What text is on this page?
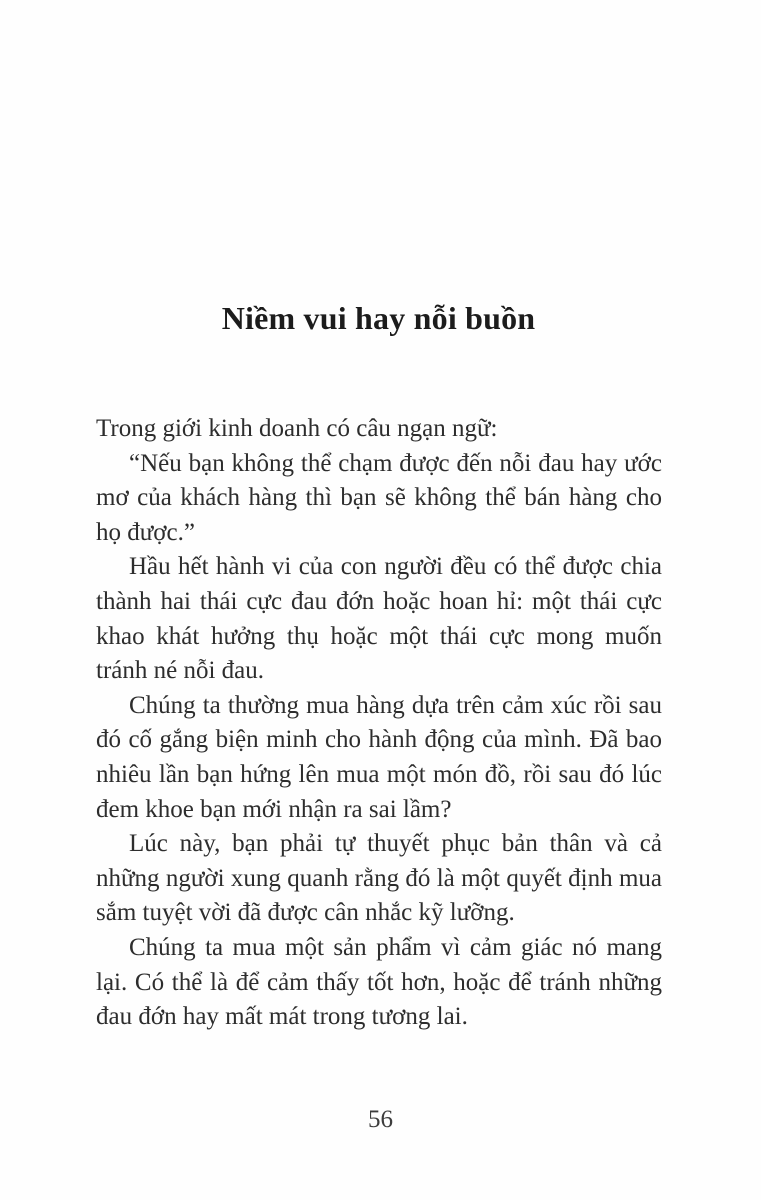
Niềm vui hay nỗi buồn

Trong giới kinh doanh có câu ngạn ngữ:

“Nếu bạn không thể chạm được đến nỗi đau hay ước mơ của khách hàng thì bạn sẽ không thể bán hàng cho họ được.”

Hầu hết hành vi của con người đều có thể được chia thành hai thái cực đau đớn hoặc hoan hỉ: một thái cực khao khát hưởng thụ hoặc một thái cực mong muốn tránh né nỗi đau.

Chúng ta thường mua hàng dựa trên cảm xúc rồi sau đó cố gắng biện minh cho hành động của mình. Đã bao nhiêu lần bạn hứng lên mua một món đồ, rồi sau đó lúc đem khoe bạn mới nhận ra sai lầm?

Lúc này, bạn phải tự thuyết phục bản thân và cả những người xung quanh rằng đó là một quyết định mua sắm tuyệt vời đã được cân nhắc kỹ lưỡng.

Chúng ta mua một sản phẩm vì cảm giác nó mang lại. Có thể là để cảm thấy tốt hơn, hoặc để tránh những đau đớn hay mất mát trong tương lai.

56
